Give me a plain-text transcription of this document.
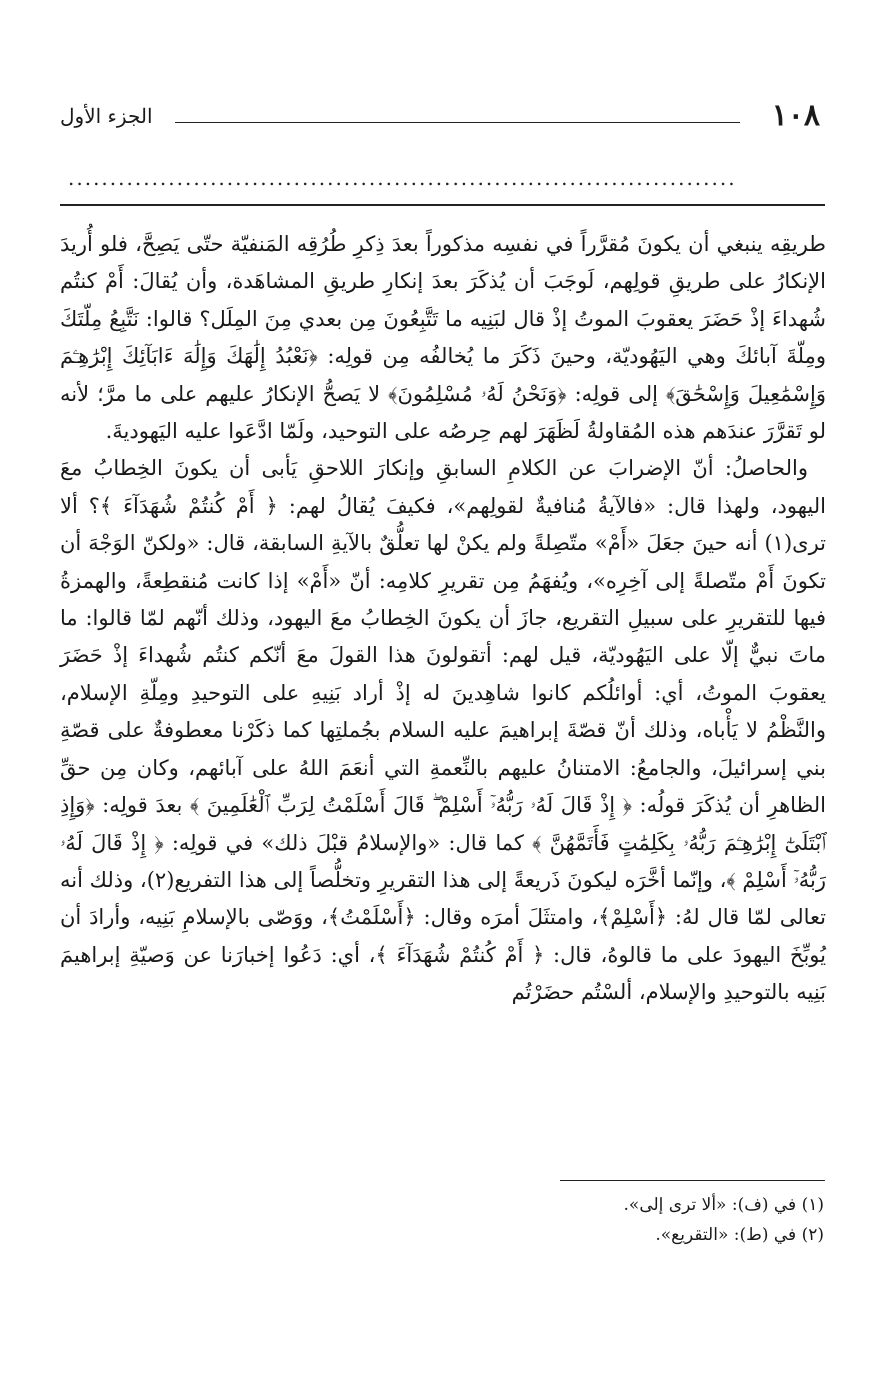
الجزء الأول	١٠٨
................................................................................

طريقِه ينبغي أن يكونَ مُقرَّراً في نفسِه مذكوراً بعدَ ذِكرِ طُرُقِه المَنفيّة حتّى يَصِحَّ، فلو أُريدَ الإنكارُ على طريقِ قولِهم، لَوجَبَ أن يُذكَرَ بعدَ إنكارِ طريقِ المشاهَدة، وأن يُقالَ: أَمْ كنتُم شُهداءَ إذْ حَضَرَ يعقوبَ الموتُ إذْ قال لبَنِيه ما تَتَّبِعُونَ مِن بعدي مِنَ المِلَل؟ قالوا: نَتَّبِعُ مِلّتَكَ ومِلّةَ آبائكَ وهي اليَهُوديّة، وحينَ ذَكَرَ ما يُخالفُه مِن قولِه: ﴿نَعْبُدُ إِلَٰهَكَ وَإِلَٰهَ ءَابَآئِكَ إِبْرَٰهِـۧمَ وَإِسْمَٰعِيلَ وَإِسْحَٰقَ﴾ إلى قولِه: ﴿وَنَحْنُ لَهُۥ مُسْلِمُونَ﴾ لا يَصحُّ الإنكارُ عليهم على ما مرَّ؛ لأنه لو تَقرَّرَ عندَهم هذه المُقاولةُ لَظَهَرَ لهم حِرصُه على التوحيد، ولَمّا ادَّعَوا عليه اليَهوديةَ.

والحاصلُ: أنّ الإضرابَ عن الكلامِ السابقِ وإنكارَ اللاحقِ يَأبى أن يكونَ الخِطابُ معَ اليهود، ولهذا قال: «فالآيةُ مُنافيةٌ لقولِهم»، فكيفَ يُقالُ لهم: ﴿ أَمْ كُنتُمْ شُهَدَآءَ ﴾؟ ألا ترى(١) أنه حينَ جعَلَ «أَمْ» متّصِلةً ولم يكنْ لها تعلُّقٌ بالآيةِ السابقة، قال: «ولكنّ الوَجْهَ أن تكونَ أَمْ متّصلةً إلى آخِرِه»، ويُفهَمُ مِن تقريرِ كلامِه: أنّ «أَمْ» إذا كانت مُنقطِعةً، والهمزةُ فيها للتقريرِ على سبيلِ التقريع، جازَ أن يكونَ الخِطابُ معَ اليهود، وذلك أنّهم لمّا قالوا: ما ماتَ نبيٌّ إلّا على اليَهُوديّة، قيل لهم: أتقولونَ هذا القولَ معَ أنّكم كنتُم شُهداءَ إذْ حَضَرَ يعقوبَ الموتُ، أي: أوائلُكم كانوا شاهِدينَ له إذْ أراد بَنِيهِ على التوحيدِ ومِلّةِ الإسلام، والنَّظْمُ لا يَأْباه، وذلك أنّ قصّةَ إبراهيمَ عليه السلام بجُملتِها كما ذكَرْنا معطوفةٌ على قصّةِ بني إسرائيلَ، والجامعُ: الامتنانُ عليهم بالنِّعمةِ التي أنعَمَ اللهُ على آبائهم، وكان مِن حقِّ الظاهرِ أن يُذكَرَ قولُه: ﴿ إِذْ قَالَ لَهُۥ رَبُّهُۥٓ أَسْلِمْ ۖ قَالَ أَسْلَمْتُ لِرَبِّ ٱلْعَٰلَمِينَ ﴾ بعدَ قولِه: ﴿وَإِذِ ٱبْتَلَىٰٓ إِبْرَٰهِـۧمَ رَبُّهُۥ بِكَلِمَٰتٍ فَأَتَمَّهُنَّ ﴾ كما قال: «والإسلامُ قبْلَ ذلك» في قولِه: ﴿ إِذْ قَالَ لَهُۥ رَبُّهُۥٓ أَسْلِمْ ﴾، وإنّما أخَّرَه ليكونَ ذَريعةً إلى هذا التقريرِ وتخلُّصاً إلى هذا التفريع(٢)، وذلك أنه تعالى لمّا قال لهُ: ﴿أَسْلِمْ﴾، وامتثَلَ أمرَه وقال: ﴿أَسْلَمْتُ﴾، ووَصّى بالإسلامِ بَنِيه، وأرادَ أن يُوبِّخَ اليهودَ على ما قالوهُ، قال: ﴿ أَمْ كُنتُمْ شُهَدَآءَ ﴾، أي: دَعُوا إخبارَنا عن وَصيّةِ إبراهيمَ بَنِيه بالتوحيدِ والإسلام، ألسْتُم حضَرْتُم

(١) في (ف): «ألا ترى إلى».

(٢) في (ط): «التقريع».
